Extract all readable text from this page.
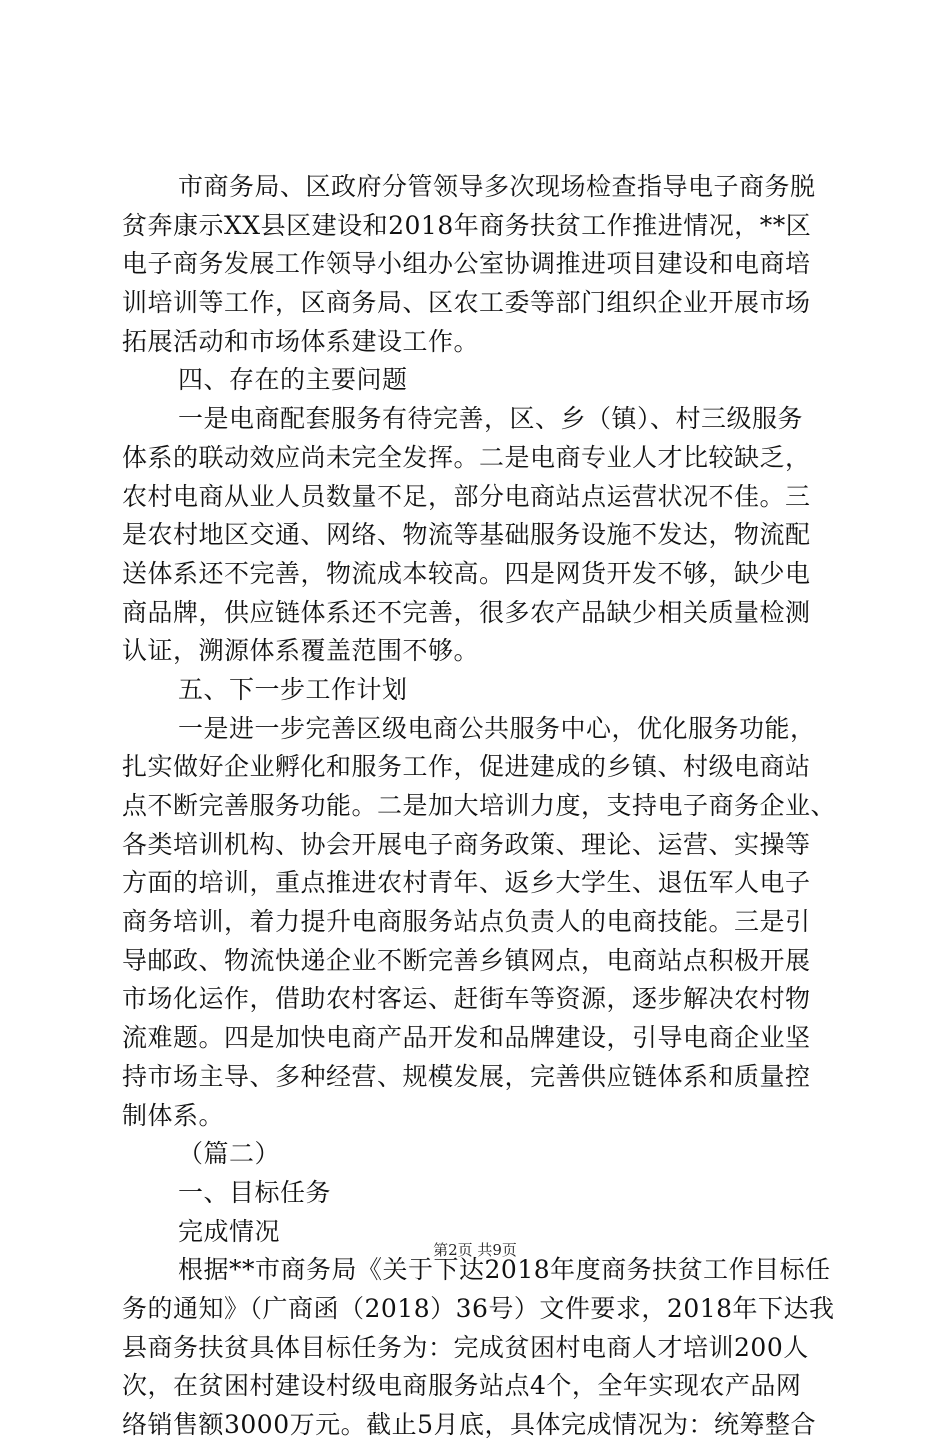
市商务局、区政府分管领导多次现场检查指导电子商务脱
贫奔康示XX县区建设和2018年商务扶贫工作推进情况，**区
电子商务发展工作领导小组办公室协调推进项目建设和电商培
训培训等工作，区商务局、区农工委等部门组织企业开展市场
拓展活动和市场体系建设工作。
四、存在的主要问题
一是电商配套服务有待完善，区、乡（镇）、村三级服务
体系的联动效应尚未完全发挥。二是电商专业人才比较缺乏，
农村电商从业人员数量不足，部分电商站点运营状况不佳。三
是农村地区交通、网络、物流等基础服务设施不发达，物流配
送体系还不完善，物流成本较高。四是网货开发不够，缺少电
商品牌，供应链体系还不完善，很多农产品缺少相关质量检测
认证，溯源体系覆盖范围不够。
五、下一步工作计划
一是进一步完善区级电商公共服务中心，优化服务功能，
扎实做好企业孵化和服务工作，促进建成的乡镇、村级电商站
点不断完善服务功能。二是加大培训力度，支持电子商务企业、
各类培训机构、协会开展电子商务政策、理论、运营、实操等
方面的培训，重点推进农村青年、返乡大学生、退伍军人电子
商务培训，着力提升电商服务站点负责人的电商技能。三是引
导邮政、物流快递企业不断完善乡镇网点，电商站点积极开展
市场化运作，借助农村客运、赶街车等资源，逐步解决农村物
流难题。四是加快电商产品开发和品牌建设，引导电商企业坚
持市场主导、多种经营、规模发展，完善供应链体系和质量控
制体系。
（篇二）
一、目标任务
完成情况
根据**市商务局《关于下达2018年度商务扶贫工作目标任
务的通知》（广商函（2018）36号）文件要求，2018年下达我
县商务扶贫具体目标任务为：完成贫困村电商人才培训200人
次，在贫困村建设村级电商服务站点4个，全年实现农产品网
络销售额3000万元。截止5月底，具体完成情况为：统筹整合
第2页 共9页
